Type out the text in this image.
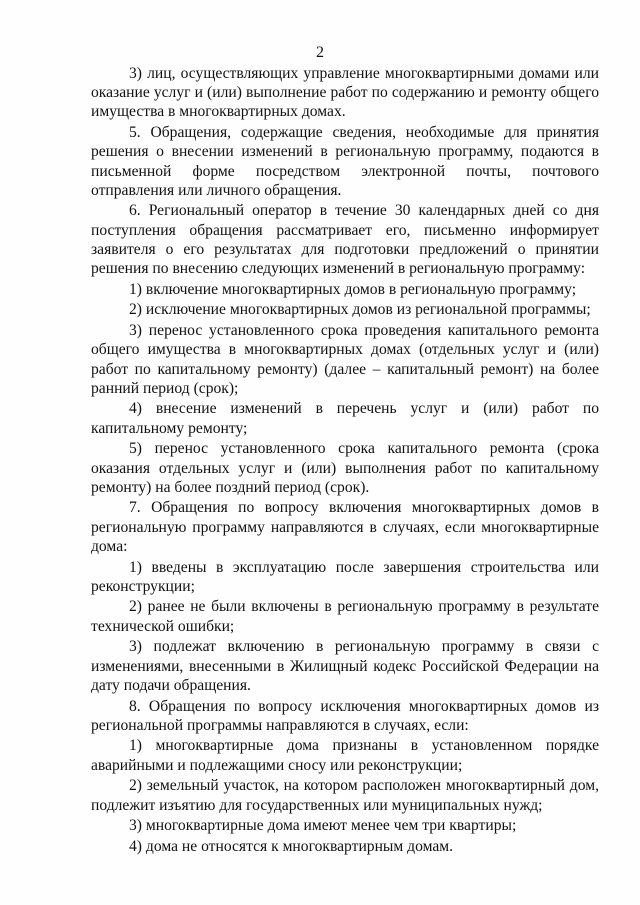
2

3) лиц, осуществляющих управление многоквартирными домами или оказание услуг и (или) выполнение работ по содержанию и ремонту общего имущества в многоквартирных домах.

5. Обращения, содержащие сведения, необходимые для принятия решения о внесении изменений в региональную программу, подаются в письменной форме посредством электронной почты, почтового отправления или личного обращения.

6. Региональный оператор в течение 30 календарных дней со дня поступления обращения рассматривает его, письменно информирует заявителя о его результатах для подготовки предложений о принятии решения по внесению следующих изменений в региональную программу:

1) включение многоквартирных домов в региональную программу;

2) исключение многоквартирных домов из региональной программы;

3) перенос установленного срока проведения капитального ремонта общего имущества в многоквартирных домах (отдельных услуг и (или) работ по капитальному ремонту) (далее – капитальный ремонт) на более ранний период (срок);

4) внесение изменений в перечень услуг и (или) работ по капитальному ремонту;

5) перенос установленного срока капитального ремонта (срока оказания отдельных услуг и (или) выполнения работ по капитальному ремонту) на более поздний период (срок).

7. Обращения по вопросу включения многоквартирных домов в региональную программу направляются в случаях, если многоквартирные дома:

1) введены в эксплуатацию после завершения строительства или реконструкции;

2) ранее не были включены в региональную программу в результате технической ошибки;

3) подлежат включению в региональную программу в связи с изменениями, внесенными в Жилищный кодекс Российской Федерации на дату подачи обращения.

8. Обращения по вопросу исключения многоквартирных домов из региональной программы направляются в случаях, если:

1) многоквартирные дома признаны в установленном порядке аварийными и подлежащими сносу или реконструкции;

2) земельный участок, на котором расположен многоквартирный дом, подлежит изъятию для государственных или муниципальных нужд;

3) многоквартирные дома имеют менее чем три квартиры;

4) дома не относятся к многоквартирным домам.
